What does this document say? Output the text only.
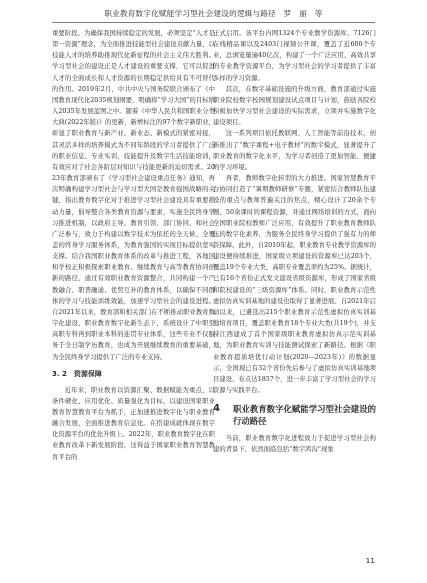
职业教育数字化赋能学习型社会建设的逻辑与路径　罗　丽　等

重要阶段。为确保我国持续稳定的发展，必须坚定“人才是第一资源”理念，为全面推进技能型社会建设贡献力量，以技能人才的培养助推现代化新征程的社会主义伟大胜利。学习型社会的建设正是人才建设的重要支撑，它可以促进人才的全面成长和人才资源的长期稳定供给具有不可替代的作用。2019年2月，中共中央与国务院联合颁布了《中国教育现代化2035规划纲要，明确将“学习大国”的目标纳入2035年发展蓝图之中。随着《中华人民共和国职业分类大典(2022年版)》的更新，新增标注的97个数字新职业，彰显了职业教育与新产业、新业态、新模式的紧密对接，其灵活多样的培养模式为不同年龄段的学习者提供了广泛的职业信息、专业实训、技能提升及数字生活技能培训，有效应对了社会各阶层对知识与技能更新的迫切需求。2023年教育部颁布了《学习型社会建设重点任务》通知，再次明确构建学习型社会与学习型大国是教育强国战略的关键，指出教育数字化对于推进学习型社会建设具有重要推动力量，倡导整合各类教育资源与要素，实施全民终身学习推进机制，以政府主导、教育引领、部门协同、和社会广泛参与，致力于构建以数字技术为依托的全天候、全覆盖的终身学习服务体系，为教育强国的实现目标提供坚实支撑。结合我国职业教育体系的改革与推进工程，各地区和学校正积极探索职业教育、继续教育与高等教育协同创新的路径，通过有效职业教育资源整合，共同构建一个产教融合、职普融通、优势互补的教育体系，以确保不同群体的学习与技能训练效能，加速学习型社会的建设进程。自2021年以来，教育部和相关部门在不断推动职业教育数字化建设，职业教育数字化新生态下，系统设计了中职至高职专科再到职业本科的连贯专业体系，这些专业不仅服务于全日制学历教育，也成为开展继续教育的重要基础，为全民终身学习提供了广泛的专业支持。

3. 2　资源保障

近年来，职业教育以资源汇聚、数据赋能为重点，以条件硬化、应用优化、质量强化为目标，以建设国家职业教育智慧教育平台为抓手，正加速推进数字化与职业教育融合发展，全面推进教育信息化。在搭建成就体现在数字化资源平台的优化升级上。2022年，职业教育数字化在职业教育改革下新发展阶段，这得益于国家职业教育智慧教育平台的

正式启用。该平台内网1324个专业教学资源库、7126门在线精品课以及2403门视频公开课，覆盖了近600个专业，总浏览量逾40亿次，构建了一个广泛应用、高效共享的专业教学资源平台，为学习型社会的学习者提供了丰富多样的学习资源。

其次，在数字基础设施的升级方面，教育部通过实施职业院校数字校园规划建设试点项目与计划，鼓励各院校积极加快学习型社会建设的实际需求，立项并实施数字化建设项目。

这一系列项目依托教联网、人工智能等前沿技术，创新推出了“数字课程+电子教材”的数字模式，显著提升了职业教育的数字化水平，为学习者创造了更加智能、便捷的学习环境。

再者，教师数字化转型的大力推进。国家智慧教育平台协同打造了“暑期教师研修”专题，紧密结合教师队伍建设的重点与教师普遍关注的焦点，精心设计了20余个专题、50余课时的课程资源，并通过网络培训的方式，面向全国职业院校教师广泛应用，有效提升了职业教育教师队伍的数字化素养，为服务全民终身学习提供了强有力的师资保障。此外，自2010年起，职业教育专业教学资源库的建设便持续推进，国家级立项建设的资源库已达203个，覆盖19个专业大类，高职专业覆盖率约为25%。据统计，已有16个省份正式发文建设省级资源库，形成了国家省级和院校建设的“三级资源库”体系。同时，职业教育示范性虚拟仿真实训基地的建设也取得了显著进展。自2021年启动以来，已遴选出215个职业教育示范性虚拟仿真实训基地培育项目，覆盖职业教育18个专业大类(共19个)，并支持江西建成了首个国家级职业教育虚拟仿真示范实训基地，为职业教育实训与技能测试探索了新路径。根据《职业教育提质培优行动计划(2020—2023年)》的数据显示，全国现已有32个省份先后参与了虚拟仿真实训基地项目建设，布点达1857个，进一步丰富了学习型社会的学习资源与实践平台。

4 职业教育数字化赋能学习型社会建设的行动路径

当前，职业教育数字化进程致力于促进学习型社会构建的背景下，依然面临包括“数字鸿沟”现象

11
